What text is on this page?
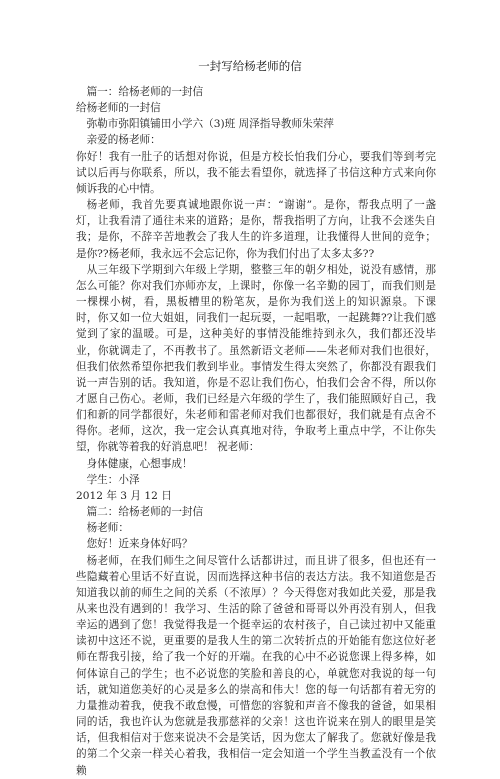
一封写给杨老师的信

篇一：给杨老师的一封信

给杨老师的一封信

弥勒市弥阳镇铺田小学六（3)班 周泽指导教师朱荣萍

亲爱的杨老师：

你好！我有一肚子的话想对你说，但是方校长怕我们分心，要我们等到考完试以后再与你联系，所以，我不能去看望你，就选择了书信这种方式来向你倾诉我的心中情。

杨老师，我首先要真诚地跟你说一声：“谢谢”。是你，帮我点明了一盏灯，让我看清了通往未来的道路；是你，帮我指明了方向，让我不会迷失自我；是你，不辞辛苦地教会了我人生的许多道理，让我懂得人世间的竞争；是你??杨老师，我永远不会忘记你，你为我们付出了太多太多??

从三年级下学期到六年级上学期，整整三年的朝夕相处，说没有感情，那怎么可能？你对我们亦师亦友，上课时，你像一名辛勤的园丁，而我们则是一棵棵小树，看，黑板槽里的粉笔灰，是你为我们送上的知识源泉。下课时，你又如一位大姐姐，同我们一起玩耍，一起唱歌，一起跳舞??让我们感觉到了家的温暖。可是，这种美好的事情没能维持到永久，我们都还没毕业，你就调走了，不再教书了。虽然新语文老师——朱老师对我们也很好，但我们依然希望你把我们教到毕业。事情发生得太突然了，你都没有跟我们说一声告别的话。我知道，你是不忍让我们伤心，怕我们会舍不得，所以你才愿自己伤心。老师，我们已经是六年级的学生了，我们能照顾好自己，我们和新的同学都很好，朱老师和雷老师对我们也都很好，我们就是有点舍不得你。老师，这次，我一定会认真真地对待，争取考上重点中学，不让你失望，你就等着我的好消息吧！ 祝老师：

身体健康，心想事成！

学生：小泽

2012 年 3 月 12 日

篇二：给杨老师的一封信

杨老师：

您好！近来身体好吗？

杨老师，在我们师生之间尽管什么话都讲过，而且讲了很多，但也还有一些隐藏着心里话不好直说，因而选择这种书信的表达方法。我不知道您是否知道我以前的师生之间的关系（不浓厚）？今天得您对我如此关爱，那是我从来也没有遇到的！我学习、生活的除了爸爸和哥哥以外再没有别人，但我幸运的遇到了您！我觉得我是一个挺幸运的农村孩子，自己读过初中又能重读初中这还不说，更重要的是我人生的第二次转折点的开始能有您这位好老师在帮我引接，给了我一个好的开端。在我的心中不必说您课上得多棒，如何体谅自己的学生；也不必说您的笑脸和善良的心，单就您对我说的每一句话，就知道您美好的心灵是多么的崇高和伟大！您的每一句话都有着无穷的力量推动着我，使我不敢怠慢，可惜您的容貌和声音不像我的爸爸，如果相同的话，我也许认为您就是我那慈祥的父亲！这也许说来在别人的眼里是笑话，但我相信对于您来说决不会是笑话，因为您太了解我了。您就好像是我的第二个父亲一样关心着我，我相信一定会知道一个学生当教孟没有一个依赖
